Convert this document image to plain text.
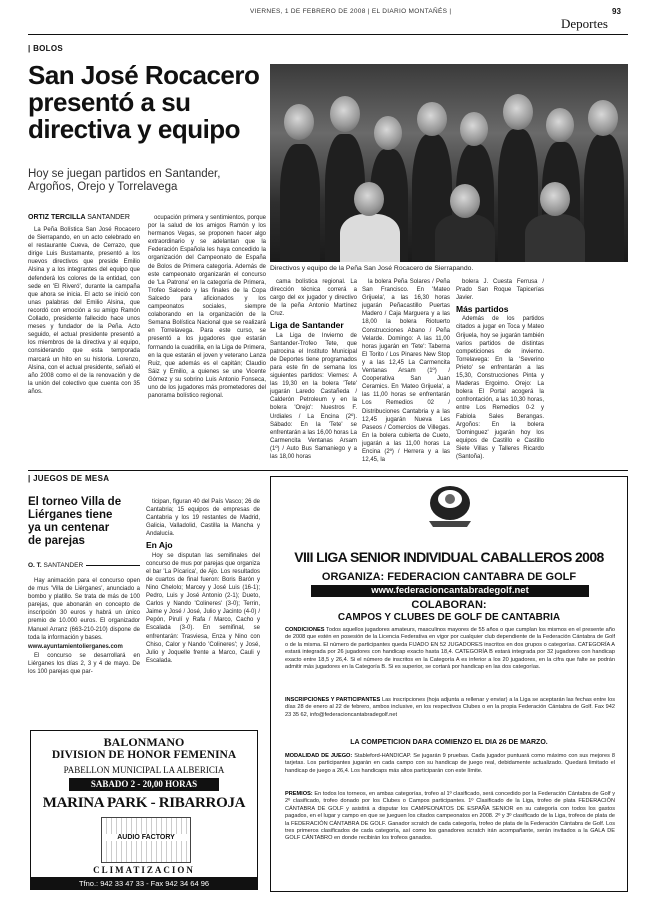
VIERNES, 1 DE FEBRERO DE 2008 | EL DIARIO MONTAÑÉS |	93
Deportes
| BOLOS
San José Rocacero
presentó a su
directiva y equipo
Hoy se juegan partidos en Santander, Argoños, Orejo y Torrelavega
ORTIZ TERCILLA SANTANDER

La Peña Bolística San José Rocacero de Sierrapando, en un acto celebrado en el restaurante Cueva, de Cerrazo, que dirige Luis Bustamante, presentó a los nuevos directivos que preside Emilio Alsina y a los integrantes del equipo que defenderá los colores de la entidad, con sede en 'El Riveró', durante la campaña que ahora se inicia. El acto se inició con unas palabras del Emilio Alsina, que recordó con emoción a su amigo Ramón Collado, presidente fallecido hace unos meses y fundador de la Peña. Acto seguido, el actual presidente presentó a los miembros de la directiva y al equipo, considerando que esta temporada marcará un hito en su historia. Lorenzo, Alsina, con el actual presidente, señaló el año 2008 como el de la renovación y de la unión del colectivo que cuenta con 35 años.

ocupación primera y sentimientos, porque por la salud de los amigos Ramón y los hermanos Vegas, se proponen hacer algo extraordinario y se adelantan que la Federación Española les haya concedido la organización del Campeonato de España de Bolos de Primera categoría. Además de este campeonato organizarán el concurso de 'La Patrona' en la categoría de Primera, Trofeo Salcedo y las finales de la Copa Salcedo para aficionados y los campeonatos sociales, siempre colaborando en la organización de la Semana Bolística Nacional que se realizará en Torrelavega. Para este curso, se presentó a los jugadores que estarán formando la cuadrilla, en la Liga de Primera, en la que estarán el joven y veterano Lanza Ruiz, que además es el capitán; Claudio Sáiz y Emilio, a quienes se une Vicente Gómez y su sobrino Luis Antonio Fonseca, uno de los jugadores más prometedores del panorama bolístico regional.

Directivos y equipo de la Peña San José Rocacero de Sierrapando.

cama bolística regional. La dirección técnica correrá a cargo del ex jugador y directivo de la peña Antonio Martínez Cruz.

Liga de Santander

La Liga de Invierno de Santander-Trofeo Tete, que patrocina el Instituto Municipal de Deportes tiene programados para este fin de semana los siguientes partidos: Viernes: A las 19,30 en la bolera 'Tete' jugarán Laredo Castañeda / Calderón Petroleum y en la bolera 'Orejo': Nuestros F. Urdiales / La Encina (2º). Sábado: En la 'Tete' se enfrentarán a las 16,00 horas La Carmencita Ventanas Arsam (1º) / Auto Bus Samaniego y a las 18,00 horas

la bolera Peña Solares / Peña San Francisco. En 'Mateo Grijuela', a las 16,30 horas jugarán Peñacastillo Puertas Madero / Caja Marguera y a las 18,00 la bolera Riotuerto Construcciones Abano / Peña Velarde. Domingo: A las 11,00 horas jugarán en 'Tete': Taberna El Torito / Los Pinares New Stop y a las 12,45 La Carmencita Ventanas Arsam (1º) / Cooperativa San Juan Ceramics. En 'Mateo Grijuela', a las 11,00 horas se enfrentarán Los Remedios 02 / Distribuciones Cantabria y a las 12,45 jugarán Nueva Les Paseos / Comercios de Villegas. En la bolera cubierta de Cueto, jugarán a las 11,00 horas La Encina (2º) / Herrera y a las 12,45, la

bolera J. Cuesta Ferrusa / Prado San Roque Tapicerías Javier.

Más partidos

Además de los partidos citados a jugar en Toca y Mateo Grijuela, hoy se jugarán también varios partidos de distintas competiciones de invierno. Torrelavega: En la 'Severino Prieto' se enfrentarán a las 15,30, Construcciones Pinta y Maderas Ergoimo. Orejo: La bolera El Portal acogerá la confrontación, a las 10,30 horas, entre Los Remedios 0-2 y Fabiola Sales Berangas. Argoños: En la bolera 'Dominguez' jugarán hoy los equipos de Castillo e Castillo Siete Villas y Talleres Ricardo (Santoña).

| JUEGOS DE MESA
El torneo Villa de
Liérganes tiene
ya un centenar
de parejas
O. T. SANTANDER

Hay animación para el concurso open de mus 'Villa de Liérganes', anunciado a bombo y platillo. Se trata de más de 100 parejas, que abonarán en concepto de inscripción 30 euros y habrá un único premio de 10.000 euros. El organizador Manuel Arranz (663-210-210) dispone de toda la información y bases.

www.ayuntamientolierganes.com

El concurso se desarrollará en Liérganes los días 2, 3 y 4 de mayo. De los 100 parejas que par-

ticipan, figuran 40 del País Vasco; 26 de Cantabria; 15 equipos de empresas de Cantabria y los 19 restantes de Madrid, Galicia, Valladolid, Castilla la Mancha y Andalucía.

En Ajo

Hoy se disputan las semifinales del concurso de mus por parejas que organiza el bar 'La Pícarica', de Ajo. Los resultados de cuartos de final fueron: Boris Barón y Nino Chelolo; Marcey y José Luis (16-1); Pedro, Luis y José Antonio (2-1); Dueto, Carlos y Nando 'Colineres' (3-0); Terrin, Jaime y José / José, Julio y Jacinto (4-0) / Pepón, Pirulí y Rafa / Marco, Cacho y Escalada (3-0). En semifinal, se enfrentarán: Trasviesa, Enza y Nino con Chiso, Calor y Nando 'Colineres'; y José, Julio y Joquelle frente a Marco, Cauli y Escalada.

BALONMANO
DIVISION DE HONOR FEMENINA
PABELLON MUNICIPAL LA ALBERICIA
SABADO 2 - 20,00 HORAS
MARINA PARK - RIBARROJA
AUDIO FACTORY
CLIMATIZACION
Tfno.: 942 33 47 33 - Fax 942 34 64 96
VIII LIGA SENIOR INDIVIDUAL CABALLEROS 2008
ORGANIZA: FEDERACION CANTABRA DE GOLF
www.federacioncantabradegolf.net
COLABORAN:
CAMPOS Y CLUBES DE GOLF DE CANTABRIA
CONDICIONES Todos aquellos jugadores amateurs, masculinos mayores de 55 años o que cumplan los mismos en el presente año de 2008 que estén en posesión de la Licencia Federativa en vigor por cualquier club dependiente de la Federación Cántabra de Golf o de la misma. El número de participantes queda FIJADO EN 52 JUGADORES inscritos en dos grupos o categorías. CATEGORÍA A estará integrada por 26 jugadores con handicap exacto hasta 18,4. CATEGORÍA B estará integrada por 32 jugadores con handicap exacto entre 18,5 y 26,4. Si el número de inscritos en la Categoría A es inferior a los 20 jugadores, en la cifra que falte se podrán admitir más jugadores en la Categoría B. Si es superior, se cortará por handicap en las dos categorías.
INSCRIPCIONES Y PARTICIPANTES Las inscripciones (hoja adjunta a rellenar y enviar) a la Liga se aceptarán las fechas entre los días 28 de enero al 22 de febrero, ambos inclusive, en los respectivos Clubes o en la propia Federación Cántabra de Golf. Fax 942 23 35 62, info@federacioncantabradegolf.net
LA COMPETICION DARA COMIENZO EL DIA 26 DE MARZO.
MODALIDAD DE JUEGO: Stableford-HANDICAP. Se jugarán 9 pruebas. Cada jugador puntuará como máximo con sus mejores 8 tarjetas. Los participantes jugarán en cada campo con su handicap de juego real, debidamente actualizado. Quedará limitado el handicap de juego a 26,4. Los handicaps más altos participarán con este límite.
PREMIOS: En todos los torneos, en ambas categorías, trofeo al 1º clasificado, será concedido por la Federación Cántabra de Golf y 2º clasificado, trofeo donado por los Clubes o Campos participantes. 1º Clasificado de la Liga, trofeo de plata FEDERACIÓN CÁNTABRA DE GOLF y asistirá a disputar los CAMPEONATOS DE ESPAÑA SENIOR en su categoría con todos los gastos pagados, en el lugar y campo en que se jueguen los citados campeonatos en 2008. 2º y 3º clasificado de la Liga, trofeos de plata de la FEDERACIÓN CÁNTABRA DE GOLF. Ganador scratch de cada categoría, trofeo de plata de la Federación Cántabra de Golf. Los tres primeros clasificados de cada categoría, así como los ganadores scratch irán acompañante, serán invitados a la GALA DE GOLF CÁNTABRO en donde recibirán los trofeos ganados.
